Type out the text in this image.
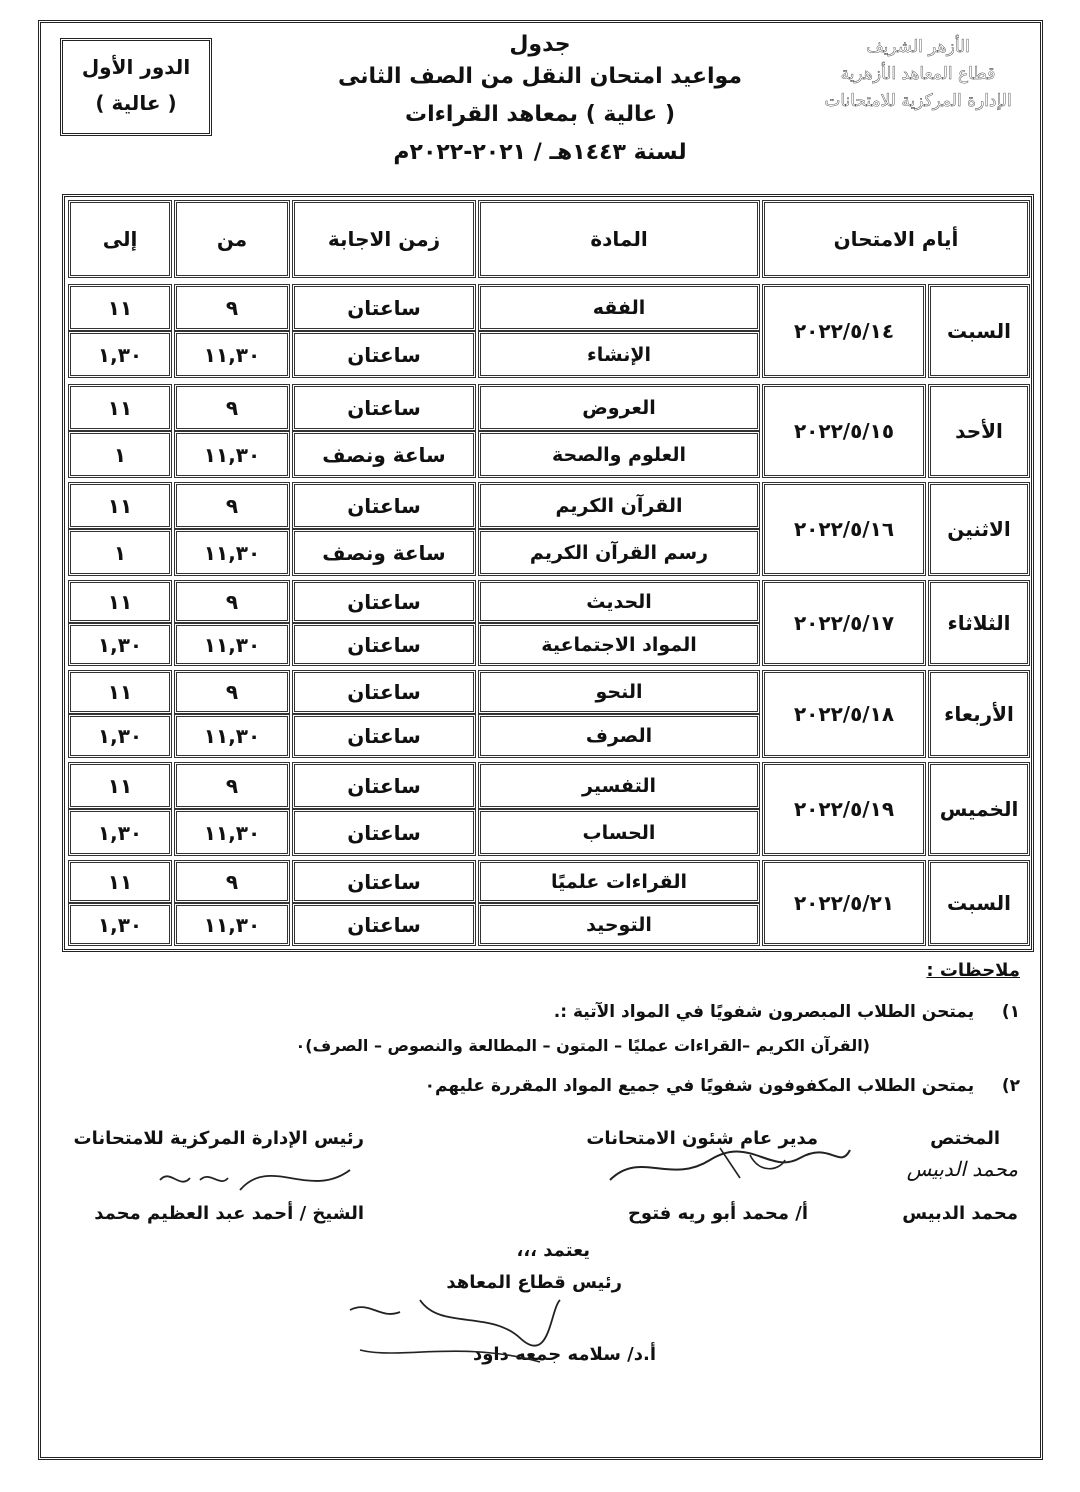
الأزهر الشريف
قطاع المعاهد الأزهرية
الإدارة المركزية للامتحانات
جدول
مواعيد امتحان النقل من الصف الثانى
( عالية ) بمعاهد القراءات
لسنة ١٤٤٣هـ / ٢٠٢١-٢٠٢٢م
الدور الأول
( عالية )
أيام الامتحان
المادة
زمن الاجابة
من
إلى
السبت
٢٠٢٢/٥/١٤
الفقه
ساعتان
٩
١١
الإنشاء
ساعتان
١١,٣٠
١,٣٠
الأحد
٢٠٢٢/٥/١٥
العروض
ساعتان
٩
١١
العلوم والصحة
ساعة ونصف
١١,٣٠
١
الاثنين
٢٠٢٢/٥/١٦
القرآن الكريم
ساعتان
٩
١١
رسم القرآن الكريم
ساعة ونصف
١١,٣٠
١
الثلاثاء
٢٠٢٢/٥/١٧
الحديث
ساعتان
٩
١١
المواد الاجتماعية
ساعتان
١١,٣٠
١,٣٠
الأربعاء
٢٠٢٢/٥/١٨
النحو
ساعتان
٩
١١
الصرف
ساعتان
١١,٣٠
١,٣٠
الخميس
٢٠٢٢/٥/١٩
التفسير
ساعتان
٩
١١
الحساب
ساعتان
١١,٣٠
١,٣٠
السبت
٢٠٢٢/٥/٢١
القراءات علميًا
ساعتان
٩
١١
التوحيد
ساعتان
١١,٣٠
١,٣٠
ملاحظات :
١) يمتحن الطلاب المبصرون شفويًا في المواد الآتية :.
(القرآن الكريم –القراءات عمليًا – المتون – المطالعة والنصوص – الصرف)٠
٢) يمتحن الطلاب المكفوفون شفويًا في جميع المواد المقررة عليهم٠
المختص
محمد الدبيس
محمد الدبيس
مدير عام شئون الامتحانات
أ/ محمد أبو ريه فتوح
رئيس الإدارة المركزية للامتحانات
الشيخ / أحمد عبد العظيم محمد
يعتمد ،،،
رئيس قطاع المعاهد
أ.د/ سلامه جمعه داود
